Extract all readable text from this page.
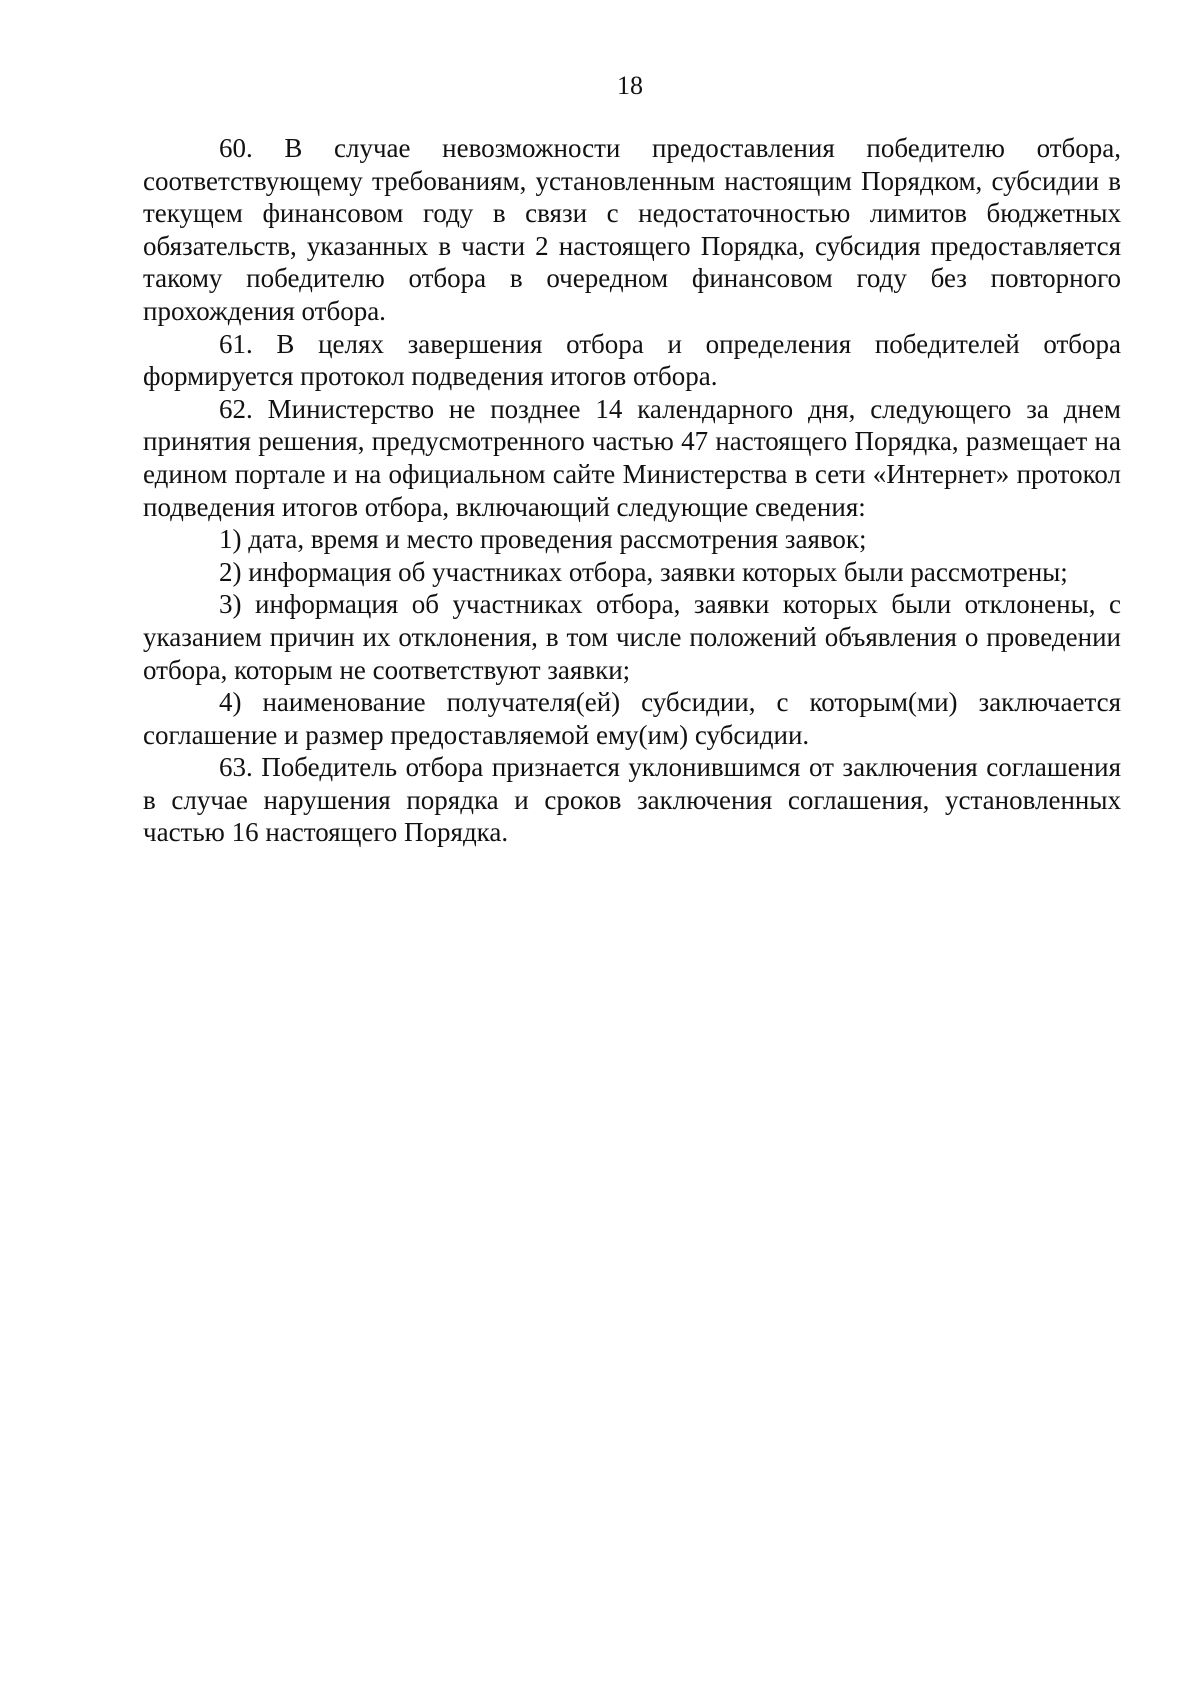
18

60. В случае невозможности предоставления победителю отбора, соответствующему требованиям, установленным настоящим Порядком, субсидии в текущем финансовом году в связи с недостаточностью лимитов бюджетных обязательств, указанных в части 2 настоящего Порядка, субсидия предоставляется такому победителю отбора в очередном финансовом году без повторного прохождения отбора.

61. В целях завершения отбора и определения победителей отбора формируется протокол подведения итогов отбора.

62. Министерство не позднее 14 календарного дня, следующего за днем принятия решения, предусмотренного частью 47 настоящего Порядка, размещает на едином портале и на официальном сайте Министерства в сети «Интернет» протокол подведения итогов отбора, включающий следующие сведения:

1) дата, время и место проведения рассмотрения заявок;

2) информация об участниках отбора, заявки которых были рассмотрены;

3) информация об участниках отбора, заявки которых были отклонены, с указанием причин их отклонения, в том числе положений объявления о проведении отбора, которым не соответствуют заявки;

4) наименование получателя(ей) субсидии, с которым(ми) заключается соглашение и размер предоставляемой ему(им) субсидии.

63. Победитель отбора признается уклонившимся от заключения соглашения в случае нарушения порядка и сроков заключения соглашения, установленных частью 16 настоящего Порядка.
